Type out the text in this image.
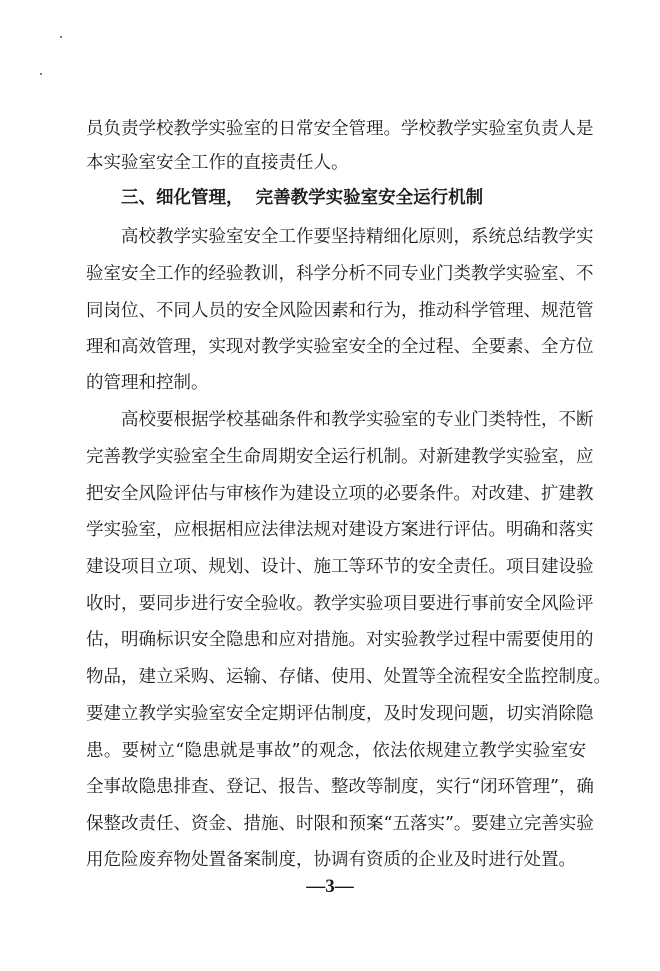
员负责学校教学实验室的日常安全管理。学校教学实验室负责人是
本实验室安全工作的直接责任人。
三、细化管理，  完善教学实验室安全运行机制
高校教学实验室安全工作要坚持精细化原则，系统总结教学实
验室安全工作的经验教训，科学分析不同专业门类教学实验室、不
同岗位、不同人员的安全风险因素和行为，推动科学管理、规范管
理和高效管理，实现对教学实验室安全的全过程、全要素、全方位
的管理和控制。
高校要根据学校基础条件和教学实验室的专业门类特性，不断
完善教学实验室全生命周期安全运行机制。对新建教学实验室，应
把安全风险评估与审核作为建设立项的必要条件。对改建、扩建教
学实验室，应根据相应法律法规对建设方案进行评估。明确和落实
建设项目立项、规划、设计、施工等环节的安全责任。项目建设验
收时，要同步进行安全验收。教学实验项目要进行事前安全风险评
估，明确标识安全隐患和应对措施。对实验教学过程中需要使用的
物品，建立采购、运输、存储、使用、处置等全流程安全监控制度。
要建立教学实验室安全定期评估制度，及时发现问题，切实消除隐
患。要树立“隐患就是事故”的观念，依法依规建立教学实验室安
全事故隐患排查、登记、报告、整改等制度，实行“闭环管理”，确
保整改责任、资金、措施、时限和预案“五落实”。要建立完善实验
用危险废弃物处置备案制度，协调有资质的企业及时进行处置。
—3—
